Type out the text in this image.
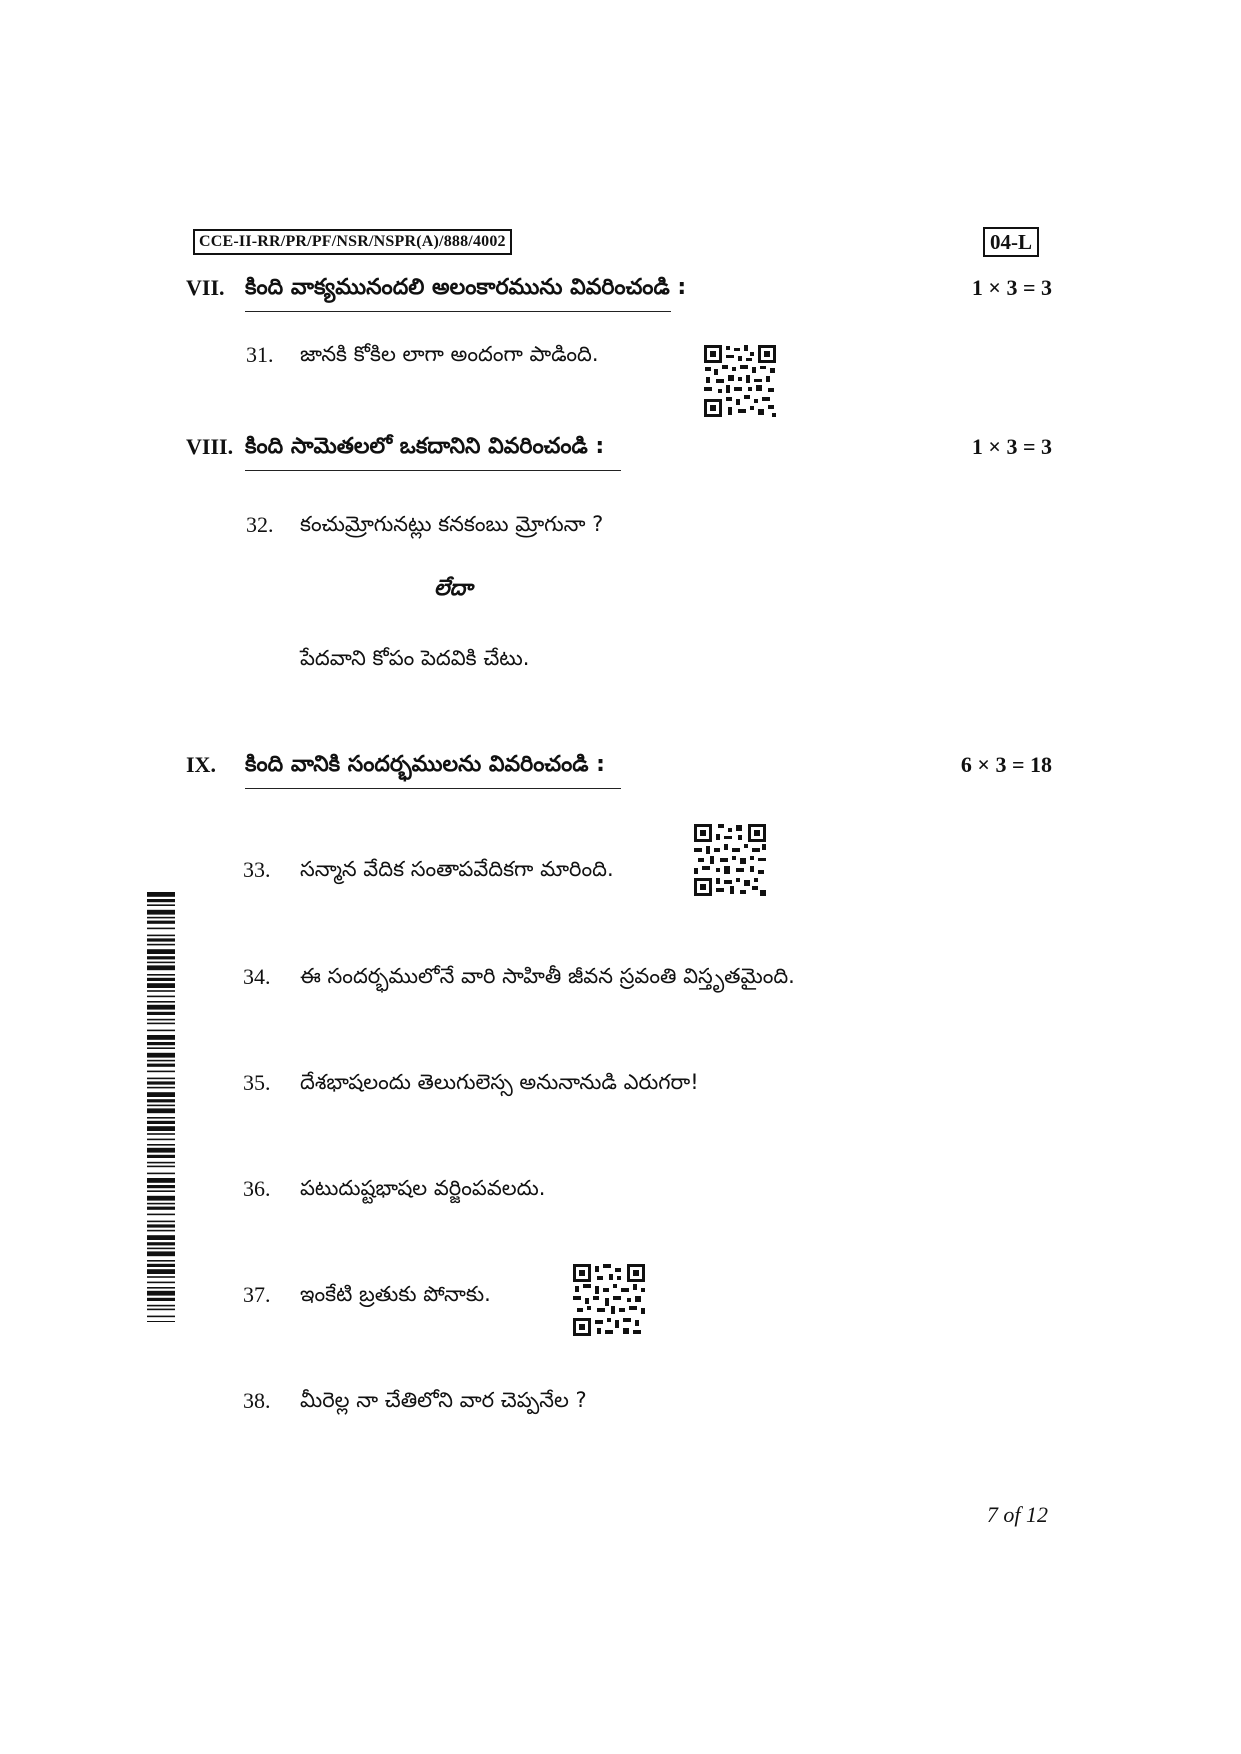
CCE-II-RR/PR/PF/NSR/NSPR(A)/888/4002	04-L
VII. కింది వాక్యమునందలి అలంకారమును వివరించండి :	1 × 3 = 3
31. జానకి కోకిల లాగా అందంగా పాడింది.
VIII. కింది సామెతలలో ఒకదానిని వివరించండి :	1 × 3 = 3
32. కంచుమ్రోగునట్లు కనకంబు మ్రోగునా ?
లేదా
పేదవాని కోపం పెదవికి చేటు.
IX. కింది వానికి సందర్భములను వివరించండి :	6 × 3 = 18
33. సన్మాన వేదిక సంతాపవేదికగా మారింది.
34. ఈ సందర్భములోనే వారి సాహితీ జీవన స్రవంతి విస్తృతమైంది.
35. దేశభాషలందు తెలుగులెస్స అనునానుడి ఎరుగరా!
36. పటుదుష్టభాషల వర్జింపవలదు.
37. ఇంకేటి బ్రతుకు పోనాకు.
38. మీరెల్ల నా చేతిలోని వార చెప్పనేల ?
7 of 12
